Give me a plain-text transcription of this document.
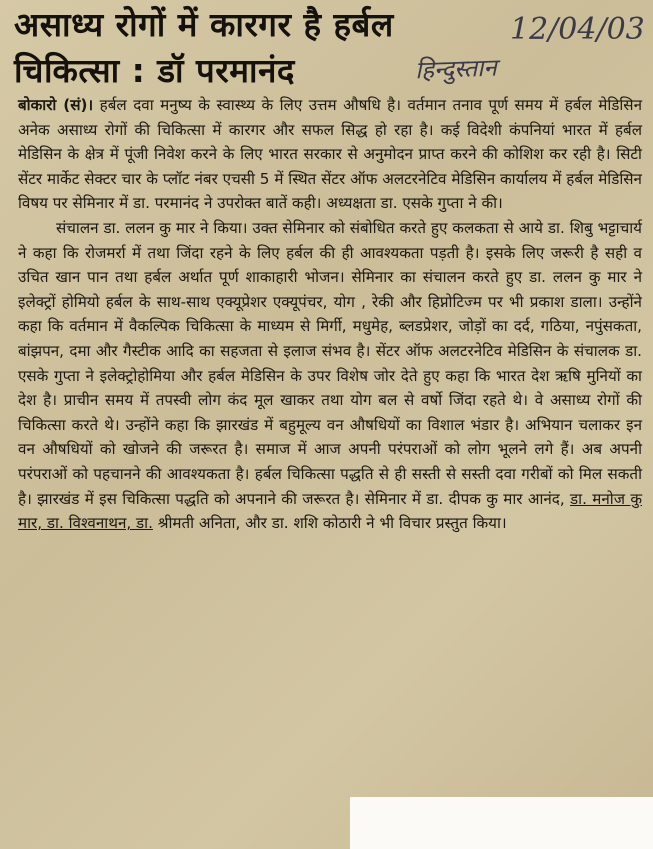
असाध्य रोगों में कारगर है हर्बल
चिकित्सा : डॉ परमानंद
12/04/03
हिन्दुस्तान

बोकारो (सं)। हर्बल दवा मनुष्य के स्वास्थ्य के लिए उत्तम औषधि है। वर्तमान तनाव पूर्ण समय में हर्बल मेडिसिन अनेक असाध्य रोगों की चिकित्सा में कारगर और सफल सिद्ध हो रहा है। कई विदेशी कंपनियां भारत में हर्बल मेडिसिन के क्षेत्र में पूंजी निवेश करने के लिए भारत सरकार से अनुमोदन प्राप्त करने की कोशिश कर रही है। सिटी सेंटर मार्केट सेक्टर चार के प्लॉट नंबर एचसी 5 में स्थित सेंटर ऑफ अलटरनेटिव मेडिसिन कार्यालय में हर्बल मेडिसिन विषय पर सेमिनार में डा. परमानंद ने उपरोक्त बातें कही। अध्यक्षता डा. एसके गुप्ता ने की।

संचालन डा. ललन कु मार ने किया। उक्त सेमिनार को संबोधित करते हुए कलकता से आये डा. शिबु भट्टाचार्य ने कहा कि रोजमर्रा में तथा जिंदा रहने के लिए हर्बल की ही आवश्यकता पड़ती है। इसके लिए जरूरी है सही व उचित खान पान तथा हर्बल अर्थात पूर्ण शाकाहारी भोजन। सेमिनार का संचालन करते हुए डा. ललन कु मार ने इलेक्ट्रों होमियो हर्बल के साथ-साथ एक्यूप्रेशर एक्यूपंचर, योग , रेकी और हिप्नोटिज्म पर भी प्रकाश डाला। उन्होंने कहा कि वर्तमान में वैकल्पिक चिकित्सा के माध्यम से मिर्गी, मधुमेह, ब्लडप्रेशर, जोड़ों का दर्द, गठिया, नपुंसकता, बांझपन, दमा और गैस्टीक आदि का सहजता से इलाज संभव है। सेंटर ऑफ अलटरनेटिव मेडिसिन के संचालक डा. एसके गुप्ता ने इलेक्ट्रोहोमिया और हर्बल मेडिसिन के उपर विशेष जोर देते हुए कहा कि भारत देश ऋषि मुनियों का देश है। प्राचीन समय में तपस्वी लोग कंद मूल खाकर तथा योग बल से वर्षो जिंदा रहते थे। वे असाध्य रोगों की चिकित्सा करते थे। उन्होंने कहा कि झारखंड में बहुमूल्य वन औषधियों का विशाल भंडार है। अभियान चलाकर इन वन औषधियों को खोजने की जरूरत है। समाज में आज अपनी परंपराओं को लोग भूलने लगे हैं। अब अपनी परंपराओं को पहचानने की आवश्यकता है। हर्बल चिकित्सा पद्धति से ही सस्ती से सस्ती दवा गरीबों को मिल सकती है। झारखंड में इस चिकित्सा पद्धति को अपनाने की जरूरत है। सेमिनार में डा. दीपक कु मार आनंद, डा. मनोज कु मार, डा. विश्वनाथन, डा. श्रीमती अनिता, और डा. शशि कोठारी ने भी विचार प्रस्तुत किया।
